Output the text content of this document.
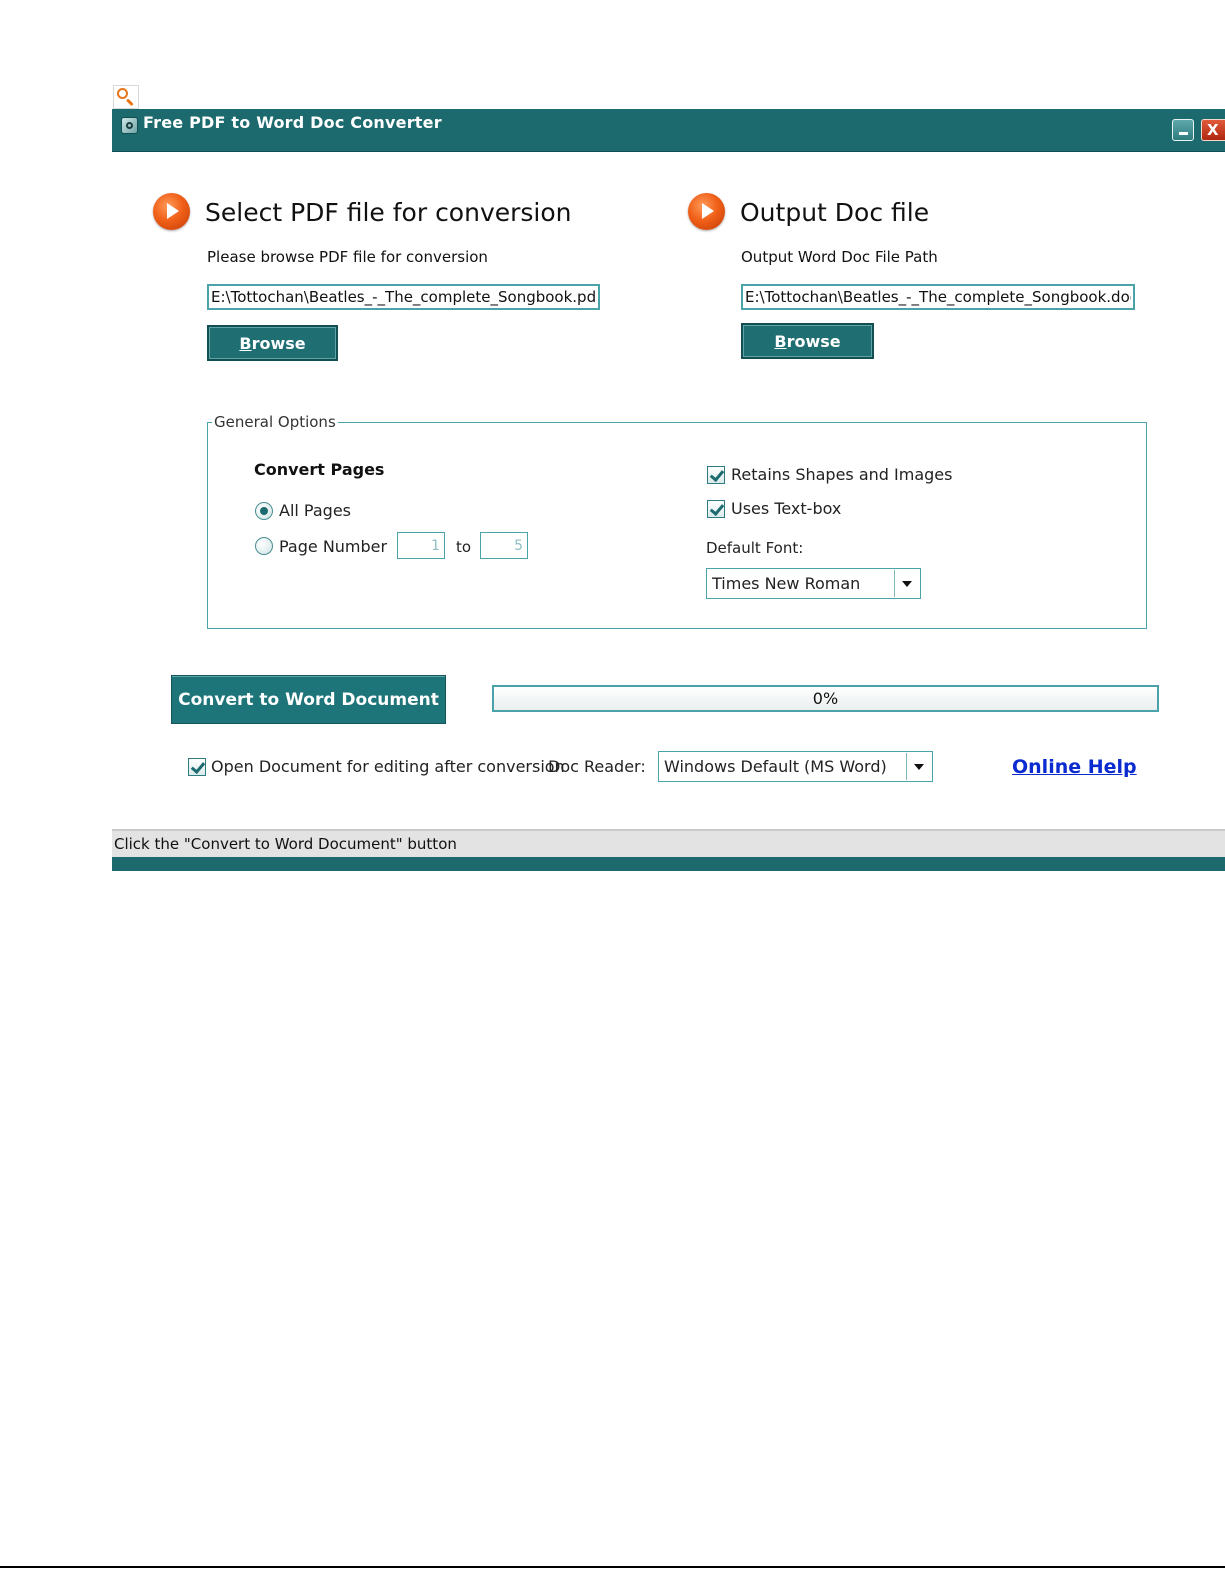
Free PDF to Word Doc Converter	X
Select PDF file for conversion
Please browse PDF file for conversion
E:\Tottochan\Beatles_-_The_complete_Songbook.pdf
Browse
Output Doc file
Output Word Doc File Path
E:\Tottochan\Beatles_-_The_complete_Songbook.doc
Browse
General Options
Convert Pages
All Pages
Page Number
1	to
5
Retains Shapes and Images
Uses Text-box
Default Font:
Times New Roman
Convert to Word Document	0%
Open Document for editing after conversion
Doc Reader: Windows Default (MS Word)	Online Help
Click the "Convert to Word Document" button
